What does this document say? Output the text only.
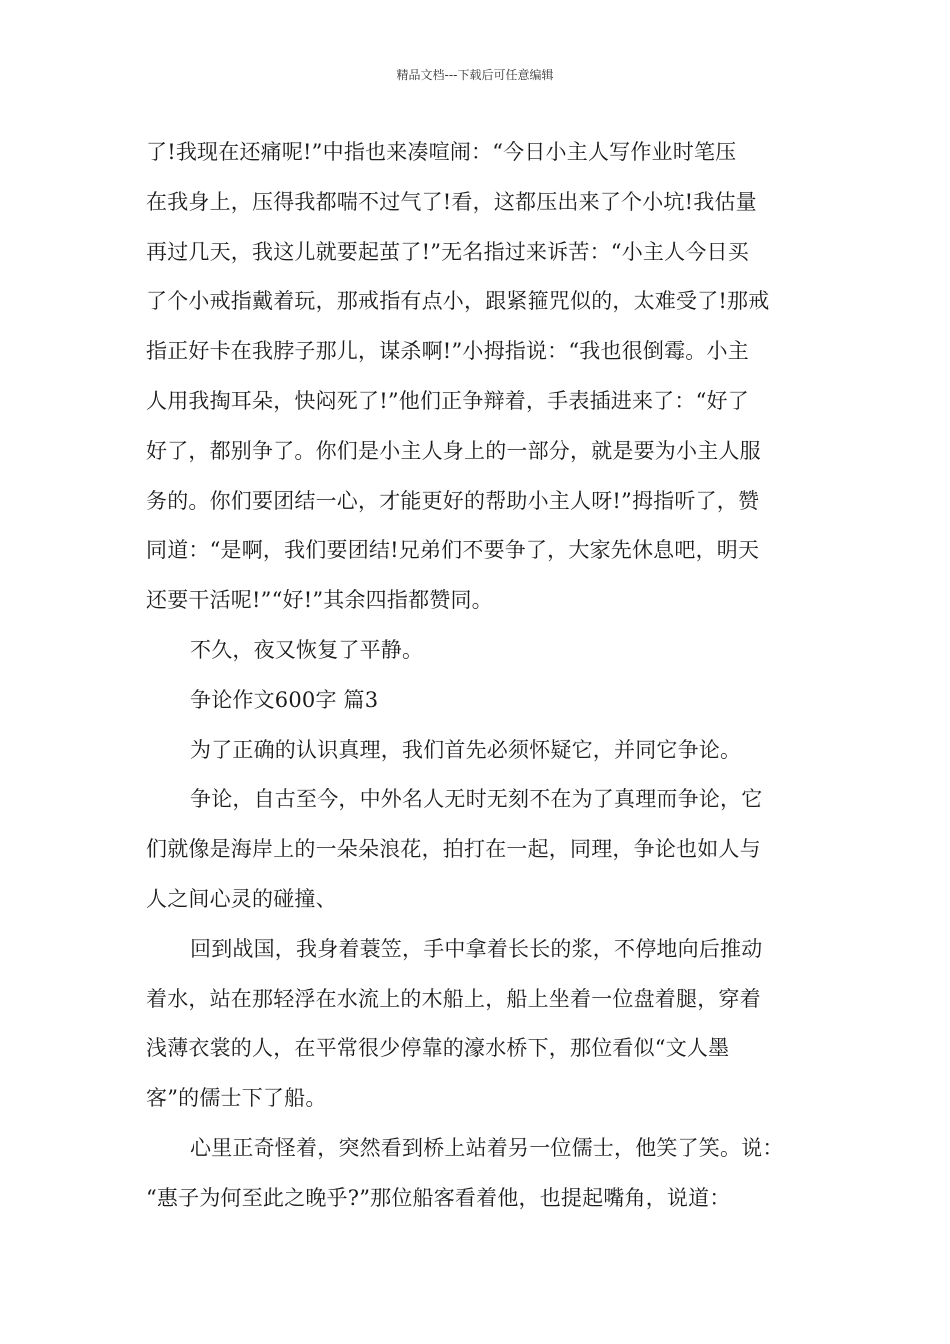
精品文档---下载后可任意编辑
了!我现在还痛呢!”中指也来凑喧闹：“今日小主人写作业时笔压
在我身上，压得我都喘不过气了!看，这都压出来了个小坑!我估量
再过几天，我这儿就要起茧了!”无名指过来诉苦：“小主人今日买
了个小戒指戴着玩，那戒指有点小，跟紧箍咒似的，太难受了!那戒
指正好卡在我脖子那儿，谋杀啊!”小拇指说：“我也很倒霉。小主
人用我掏耳朵，快闷死了!”他们正争辩着，手表插进来了：“好了
好了，都别争了。你们是小主人身上的一部分，就是要为小主人服
务的。你们要团结一心，才能更好的帮助小主人呀!”拇指听了，赞
同道：“是啊，我们要团结!兄弟们不要争了，大家先休息吧，明天
还要干活呢!”“好!”其余四指都赞同。
不久，夜又恢复了平静。
争论作文600字 篇3
为了正确的认识真理，我们首先必须怀疑它，并同它争论。
争论，自古至今，中外名人无时无刻不在为了真理而争论，它
们就像是海岸上的一朵朵浪花，拍打在一起，同理，争论也如人与
人之间心灵的碰撞、
回到战国，我身着蓑笠，手中拿着长长的浆，不停地向后推动
着水，站在那轻浮在水流上的木船上，船上坐着一位盘着腿，穿着
浅薄衣裳的人，在平常很少停靠的濠水桥下，那位看似“文人墨
客”的儒士下了船。
心里正奇怪着，突然看到桥上站着另一位儒士，他笑了笑。说：
“惠子为何至此之晚乎?”那位船客看着他，也提起嘴角，说道：
